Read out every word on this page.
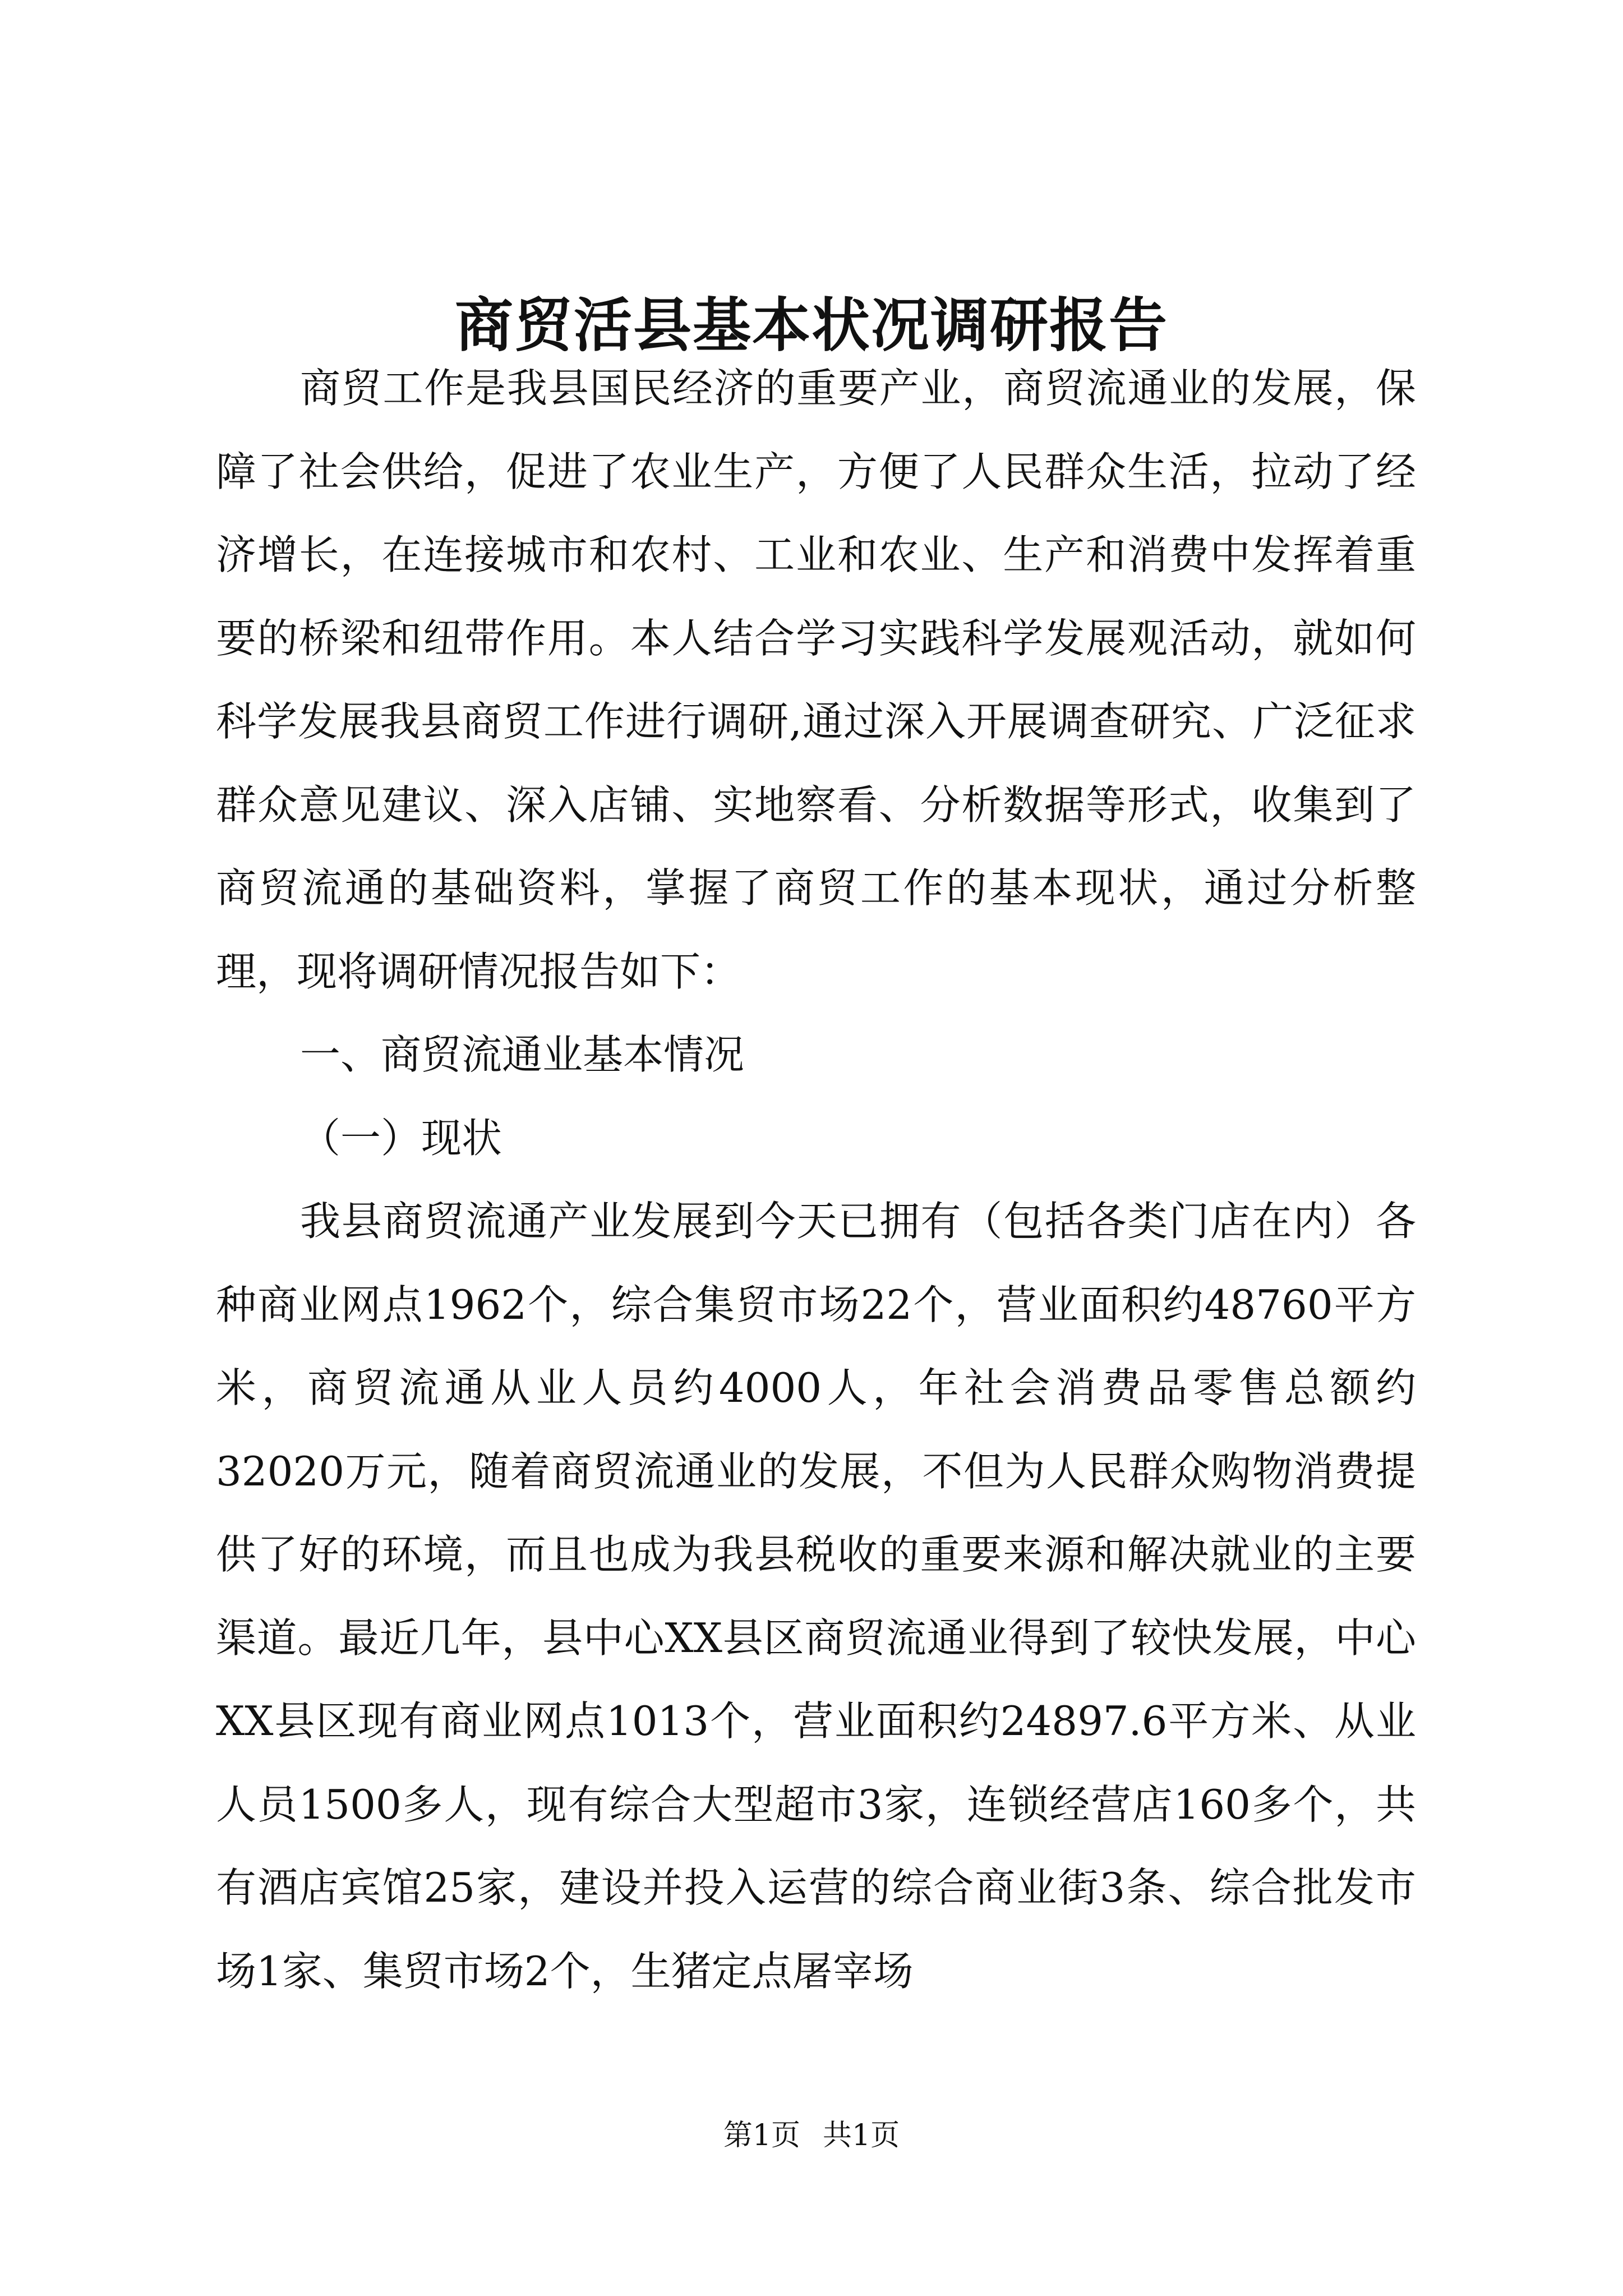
商贸活县基本状况调研报告

商贸工作是我县国民经济的重要产业，商贸流通业的发展，保障了社会供给，促进了农业生产，方便了人民群众生活，拉动了经济增长，在连接城市和农村、工业和农业、生产和消费中发挥着重要的桥梁和纽带作用。本人结合学习实践科学发展观活动，就如何科学发展我县商贸工作进行调研,通过深入开展调查研究、广泛征求群众意见建议、深入店铺、实地察看、分析数据等形式，收集到了商贸流通的基础资料，掌握了商贸工作的基本现状，通过分析整理，现将调研情况报告如下：

一、商贸流通业基本情况

（一）现状

我县商贸流通产业发展到今天已拥有（包括各类门店在内）各种商业网点1962个，综合集贸市场22个，营业面积约48760平方米，商贸流通从业人员约4000人，年社会消费品零售总额约32020万元，随着商贸流通业的发展，不但为人民群众购物消费提供了好的环境，而且也成为我县税收的重要来源和解决就业的主要渠道。最近几年，县中心XX县区商贸流通业得到了较快发展，中心XX县区现有商业网点1013个，营业面积约24897.6平方米、从业人员1500多人，现有综合大型超市3家，连锁经营店160多个，共有酒店宾馆25家，建设并投入运营的综合商业街3条、综合批发市场1家、集贸市场2个，生猪定点屠宰场

第1页 共1页
